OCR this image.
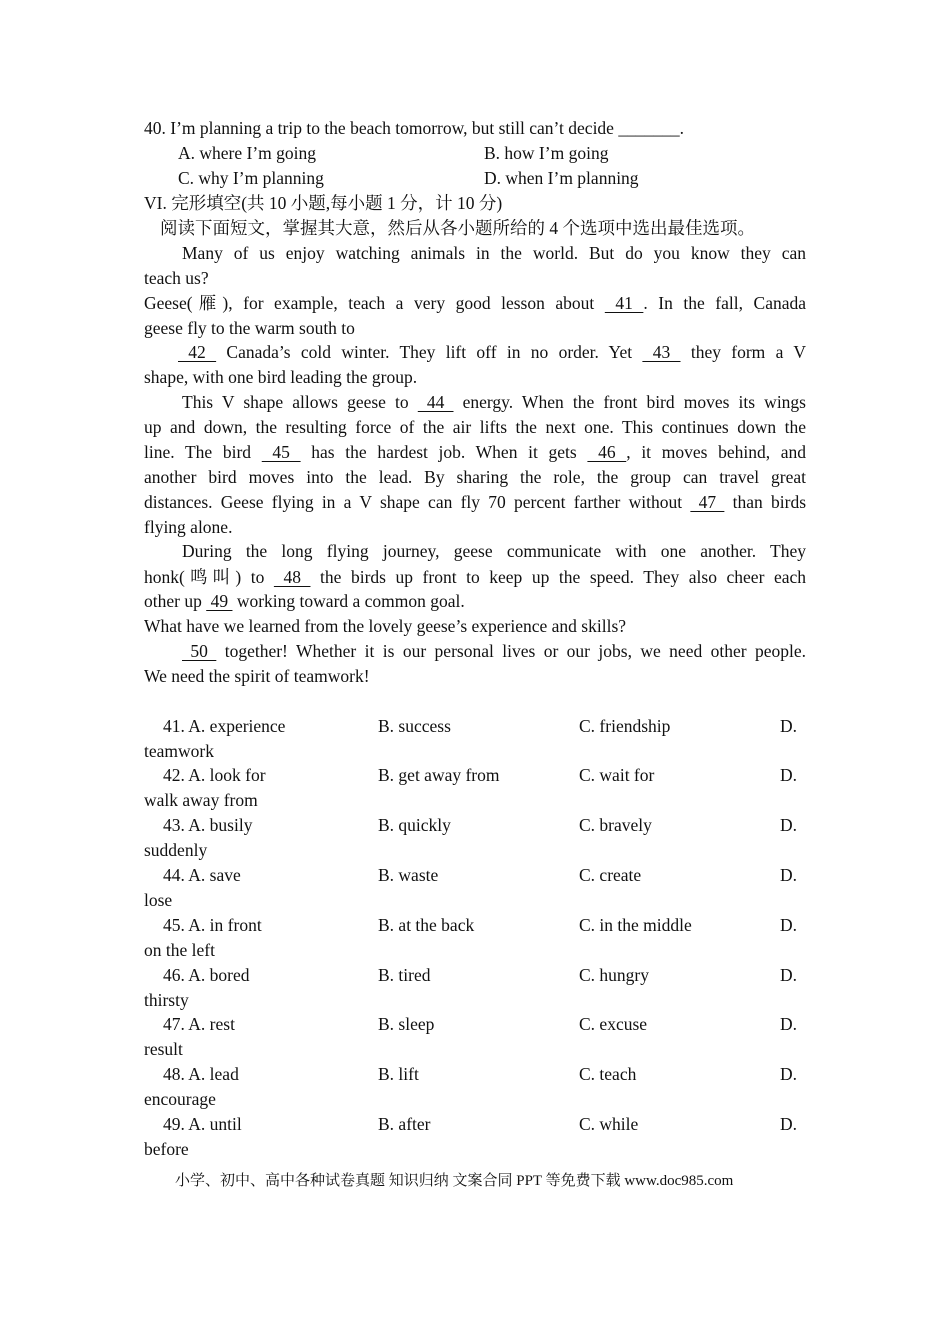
40. I’m planning a trip to the beach tomorrow, but still can’t decide _______.
A. where I’m going	B. how I’m going
C. why I’m planning	D. when I’m planning
VI. 完形填空(共 10 小题,每小题 1 分，计 10 分)
阅读下面短文，掌握其大意，然后从各小题所给的 4 个选项中选出最佳选项。
Many of us enjoy watching animals in the world. But do you know they can
teach us?
Geese(雁), for example, teach a very good lesson about  41 . In the fall, Canada
geese fly to the warm south to
42  Canada’s cold winter. They lift off in no order. Yet  43  they form a V
shape, with one bird leading the group.
This V shape allows geese to  44  energy. When the front bird moves its wings
up and down, the resulting force of the air lifts the next one. This continues down the
line. The bird  45  has the hardest job. When it gets  46 , it moves behind, and
another bird moves into the lead. By sharing the role, the group can travel great
distances. Geese flying in a V shape can fly 70 percent farther without  47  than birds
flying alone.
During the long flying journey, geese communicate with one another. They
honk(鸣叫) to  48  the birds up front to keep up the speed. They also cheer each
other up  49  working toward a common goal.
What have we learned from the lovely geese’s experience and skills?
50  together! Whether it is our personal lives or our jobs, we need other people.
We need the spirit of teamwork!
41. A. experience	B. success	C. friendship	D.
teamwork
42. A. look for	B. get away from	C. wait for	D.
walk away from
43. A. busily	B. quickly	C. bravely	D.
suddenly
44. A. save	B. waste	C. create	D.
lose
45. A. in front	B. at the back	C. in the middle	D.
on the left
46. A. bored	B. tired	C. hungry	D.
thirsty
47. A. rest	B. sleep	C. excuse	D.
result
48. A. lead	B. lift	C. teach	D.
encourage
49. A. until	B. after	C. while	D.
before
小学、初中、高中各种试卷真题 知识归纳 文案合同 PPT 等免费下载 www.doc985.com
